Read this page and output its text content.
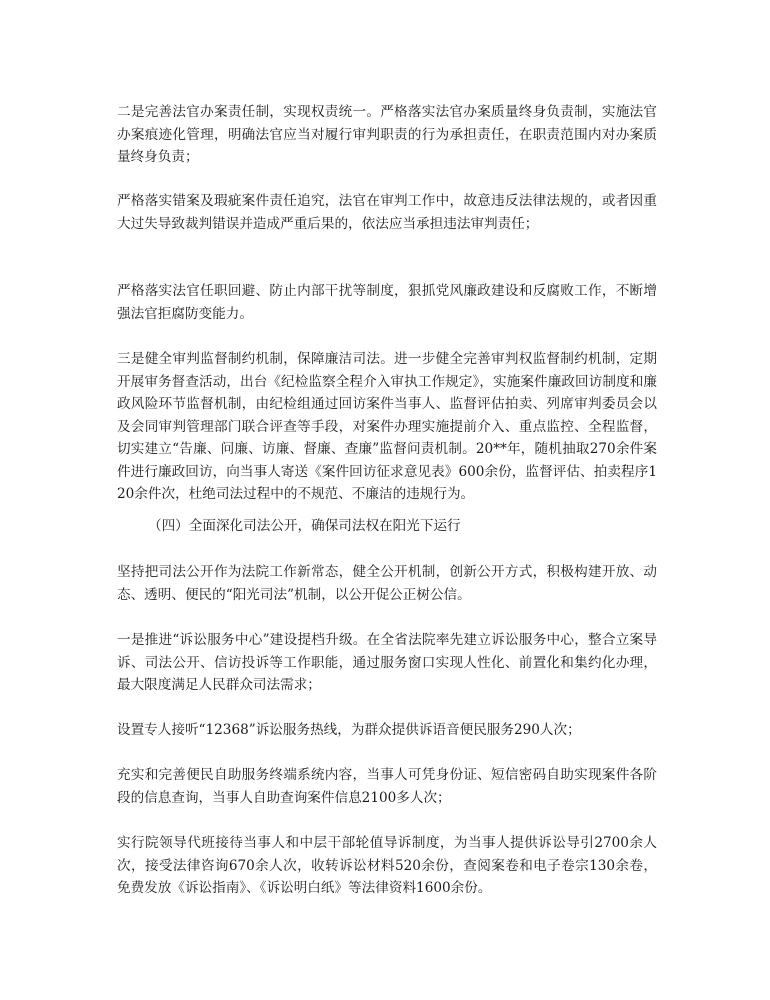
二是完善法官办案责任制，实现权责统一。严格落实法官办案质量终身负责制，实施法官办案痕迹化管理，明确法官应当对履行审判职责的行为承担责任，在职责范围内对办案质量终身负责；

严格落实错案及瑕疵案件责任追究，法官在审判工作中，故意违反法律法规的，或者因重大过失导致裁判错误并造成严重后果的，依法应当承担违法审判责任；

严格落实法官任职回避、防止内部干扰等制度，狠抓党风廉政建设和反腐败工作，不断增强法官拒腐防变能力。

三是健全审判监督制约机制，保障廉洁司法。进一步健全完善审判权监督制约机制，定期开展审务督查活动，出台《纪检监察全程介入审执工作规定》，实施案件廉政回访制度和廉政风险环节监督机制，由纪检组通过回访案件当事人、监督评估拍卖、列席审判委员会以及会同审判管理部门联合评查等手段，对案件办理实施提前介入、重点监控、全程监督，切实建立“告廉、问廉、访廉、督廉、查廉”监督问责机制。20**年，随机抽取270余件案件进行廉政回访，向当事人寄送《案件回访征求意见表》600余份，监督评估、拍卖程序120余件次，杜绝司法过程中的不规范、不廉洁的违规行为。

（四）全面深化司法公开，确保司法权在阳光下运行

坚持把司法公开作为法院工作新常态，健全公开机制，创新公开方式，积极构建开放、动态、透明、便民的“阳光司法”机制，以公开促公正树公信。

一是推进“诉讼服务中心”建设提档升级。在全省法院率先建立诉讼服务中心，整合立案导诉、司法公开、信访投诉等工作职能，通过服务窗口实现人性化、前置化和集约化办理，最大限度满足人民群众司法需求；

设置专人接听“12368”诉讼服务热线，为群众提供诉语音便民服务290人次；

充实和完善便民自助服务终端系统内容，当事人可凭身份证、短信密码自助实现案件各阶段的信息查询，当事人自助查询案件信息2100多人次；

实行院领导代班接待当事人和中层干部轮值导诉制度，为当事人提供诉讼导引2700余人次，接受法律咨询670余人次，收转诉讼材料520余份，查阅案卷和电子卷宗130余卷，免费发放《诉讼指南》、《诉讼明白纸》等法律资料1600余份。
